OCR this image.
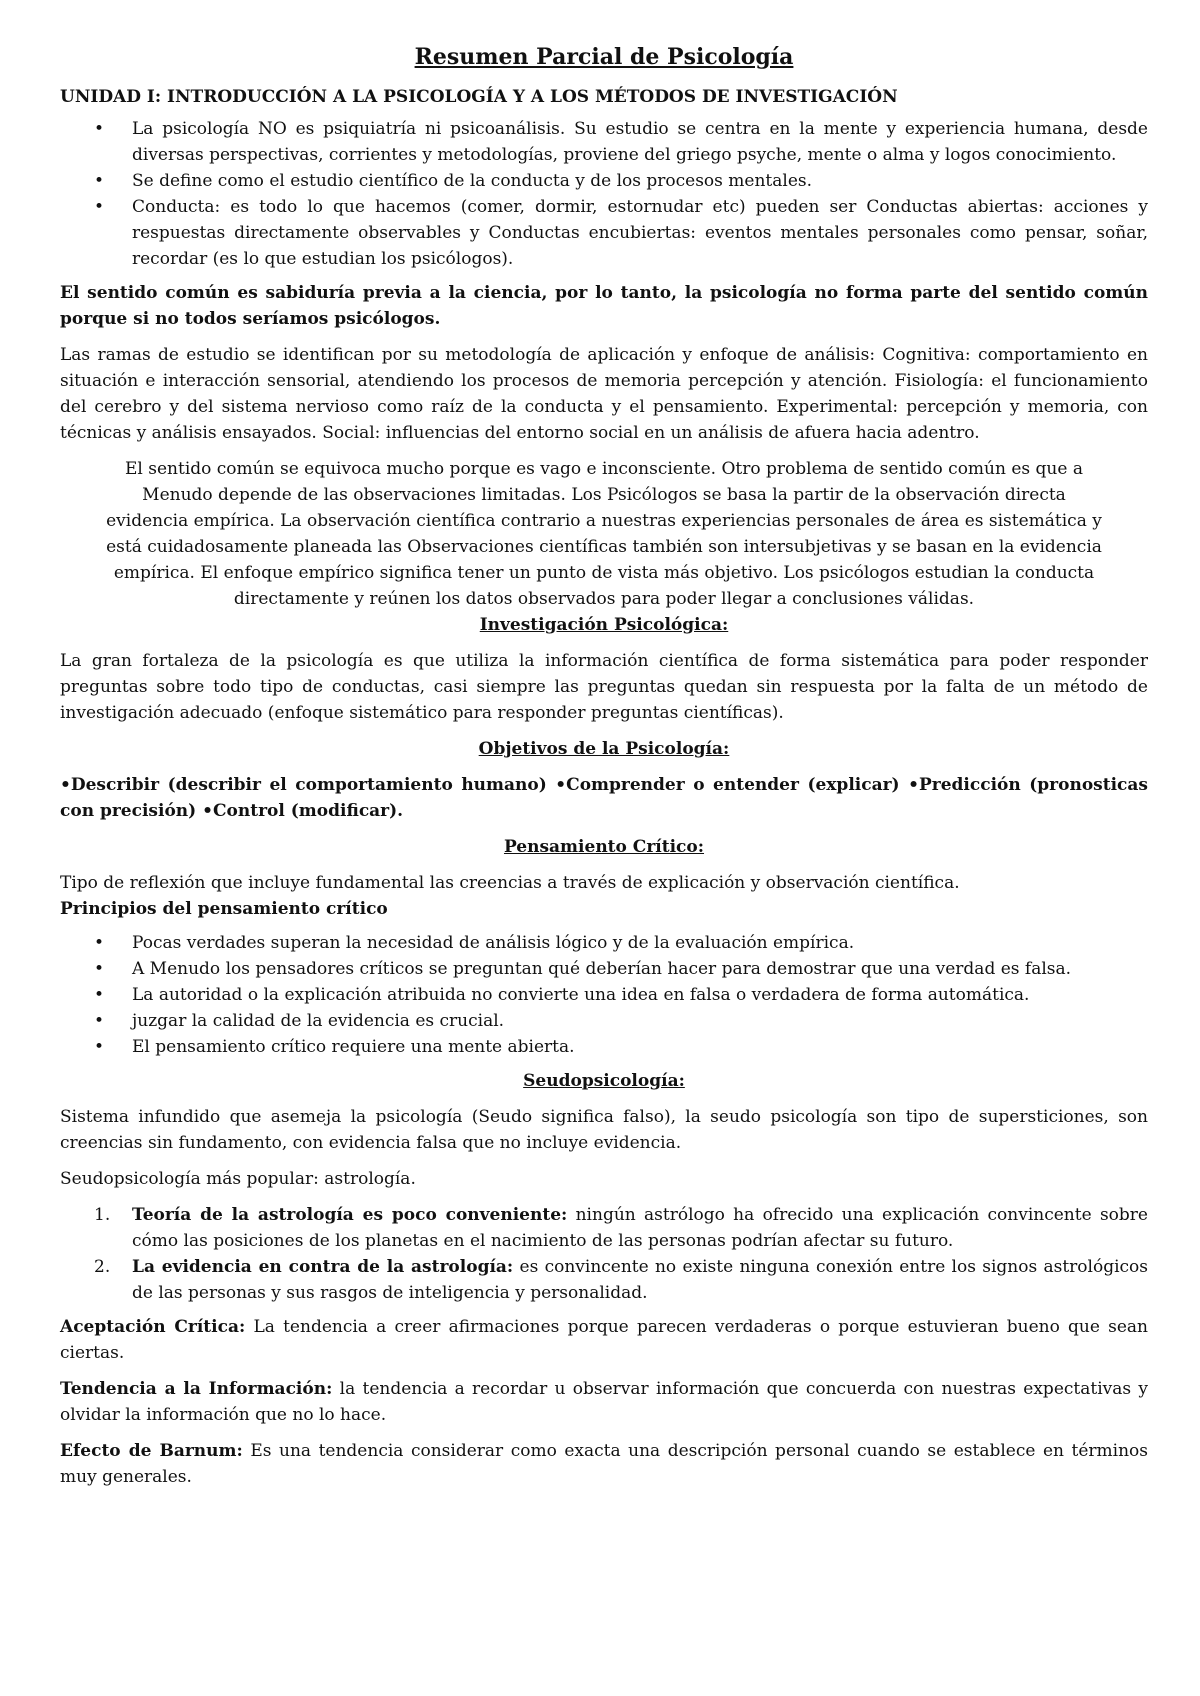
Resumen Parcial de Psicología
UNIDAD I: INTRODUCCIÓN A LA PSICOLOGÍA Y A LOS MÉTODOS DE INVESTIGACIÓN
• La psicología NO es psiquiatría ni psicoanálisis. Su estudio se centra en la mente y experiencia humana, desde diversas perspectivas, corrientes y metodologías, proviene del griego psyche, mente o alma y logos conocimiento.
• Se define como el estudio científico de la conducta y de los procesos mentales.
• Conducta: es todo lo que hacemos (comer, dormir, estornudar etc) pueden ser Conductas abiertas: acciones y respuestas directamente observables y Conductas encubiertas: eventos mentales personales como pensar, soñar, recordar (es lo que estudian los psicólogos).

El sentido común es sabiduría previa a la ciencia, por lo tanto, la psicología no forma parte del sentido común porque si no todos seríamos psicólogos.

Las ramas de estudio se identifican por su metodología de aplicación y enfoque de análisis: Cognitiva: comportamiento en situación e interacción sensorial, atendiendo los procesos de memoria percepción y atención. Fisiología: el funcionamiento del cerebro y del sistema nervioso como raíz de la conducta y el pensamiento. Experimental: percepción y memoria, con técnicas y análisis ensayados. Social: influencias del entorno social en un análisis de afuera hacia adentro.

El sentido común se equivoca mucho porque es vago e inconsciente. Otro problema de sentido común es que a

Menudo depende de las observaciones limitadas. Los Psicólogos se basa la partir de la observación directa

evidencia empírica. La observación científica contrario a nuestras experiencias personales de área es sistemática y

está cuidadosamente planeada las Observaciones científicas también son intersubjetivas y se basan en la evidencia

empírica. El enfoque empírico significa tener un punto de vista más objetivo. Los psicólogos estudian la conducta

directamente y reúnen los datos observados para poder llegar a conclusiones válidas.

Investigación Psicológica:

La gran fortaleza de la psicología es que utiliza la información científica de forma sistemática para poder responder preguntas sobre todo tipo de conductas, casi siempre las preguntas quedan sin respuesta por la falta de un método de investigación adecuado (enfoque sistemático para responder preguntas científicas).

Objetivos de la Psicología:

•Describir (describir el comportamiento humano) •Comprender o entender (explicar) •Predicción (pronosticas con precisión) •Control (modificar).

Pensamiento Crítico:

Tipo de reflexión que incluye fundamental las creencias a través de explicación y observación científica.

Principios del pensamiento crítico

• Pocas verdades superan la necesidad de análisis lógico y de la evaluación empírica.
• A Menudo los pensadores críticos se preguntan qué deberían hacer para demostrar que una verdad es falsa.
• La autoridad o la explicación atribuida no convierte una idea en falsa o verdadera de forma automática.
• juzgar la calidad de la evidencia es crucial.
• El pensamiento crítico requiere una mente abierta.
Seudopsicología:

Sistema infundido que asemeja la psicología (Seudo significa falso), la seudo psicología son tipo de supersticiones, son creencias sin fundamento, con evidencia falsa que no incluye evidencia.

Seudopsicología más popular: astrología.

1. Teoría de la astrología es poco conveniente: ningún astrólogo ha ofrecido una explicación convincente sobre cómo las posiciones de los planetas en el nacimiento de las personas podrían afectar su futuro.
2. La evidencia en contra de la astrología: es convincente no existe ninguna conexión entre los signos astrológicos de las personas y sus rasgos de inteligencia y personalidad.

Aceptación Crítica: La tendencia a creer afirmaciones porque parecen verdaderas o porque estuvieran bueno que sean ciertas.

Tendencia a la Información: la tendencia a recordar u observar información que concuerda con nuestras expectativas y olvidar la información que no lo hace.

Efecto de Barnum: Es una tendencia considerar como exacta una descripción personal cuando se establece en términos muy generales.
